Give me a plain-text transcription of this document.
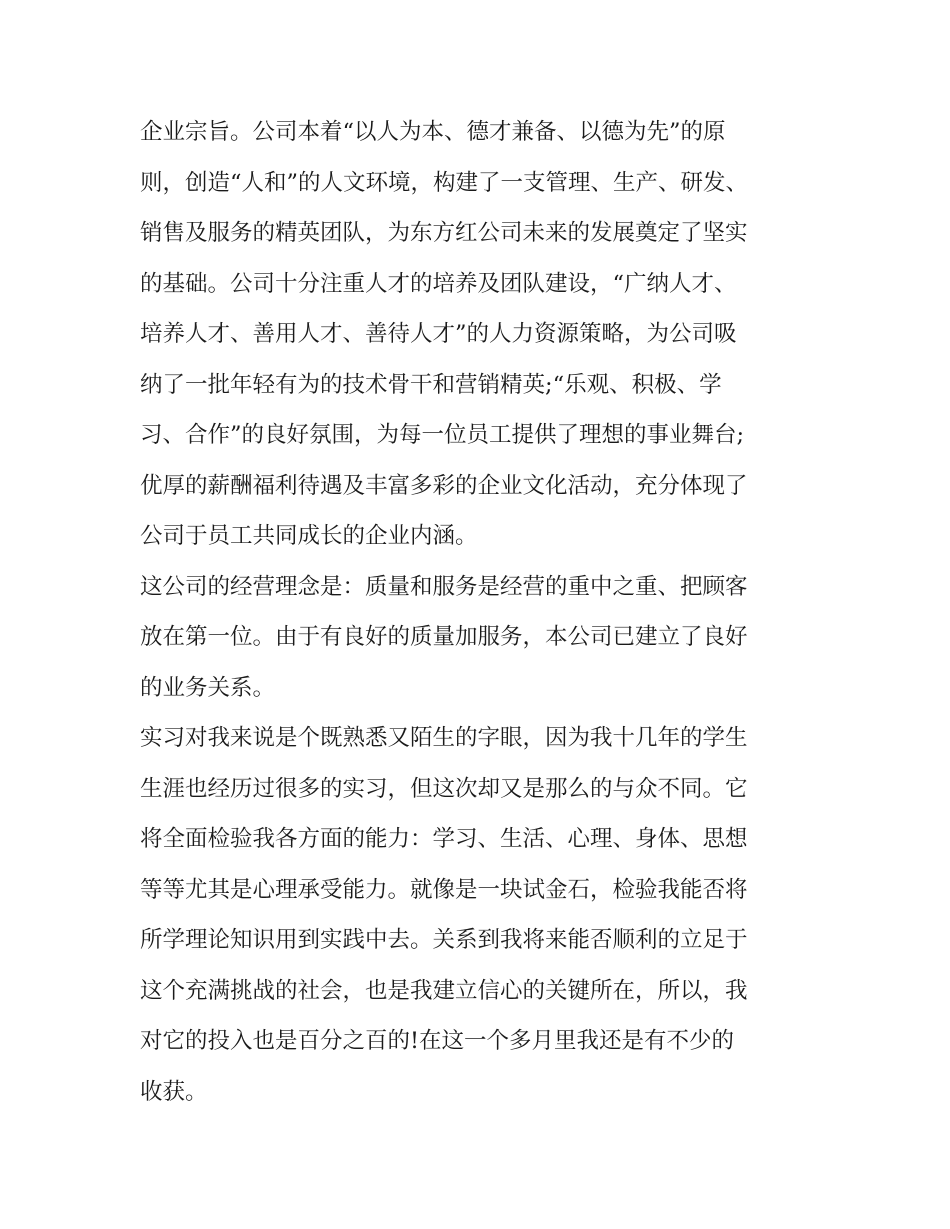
企业宗旨。公司本着“以人为本、德才兼备、以德为先”的原
则，创造“人和”的人文环境，构建了一支管理、生产、研发、
销售及服务的精英团队，为东方红公司未来的发展奠定了坚实
的基础。公司十分注重人才的培养及团队建设，“广纳人才、
培养人才、善用人才、善待人才”的人力资源策略，为公司吸
纳了一批年轻有为的技术骨干和营销精英;“乐观、积极、学
习、合作”的良好氛围，为每一位员工提供了理想的事业舞台;
优厚的薪酬福利待遇及丰富多彩的企业文化活动，充分体现了
公司于员工共同成长的企业内涵。
这公司的经营理念是：质量和服务是经营的重中之重、把顾客
放在第一位。由于有良好的质量加服务，本公司已建立了良好
的业务关系。
实习对我来说是个既熟悉又陌生的字眼，因为我十几年的学生
生涯也经历过很多的实习，但这次却又是那么的与众不同。它
将全面检验我各方面的能力：学习、生活、心理、身体、思想
等等尤其是心理承受能力。就像是一块试金石，检验我能否将
所学理论知识用到实践中去。关系到我将来能否顺利的立足于
这个充满挑战的社会，也是我建立信心的关键所在，所以，我
对它的投入也是百分之百的!在这一个多月里我还是有不少的
收获。
